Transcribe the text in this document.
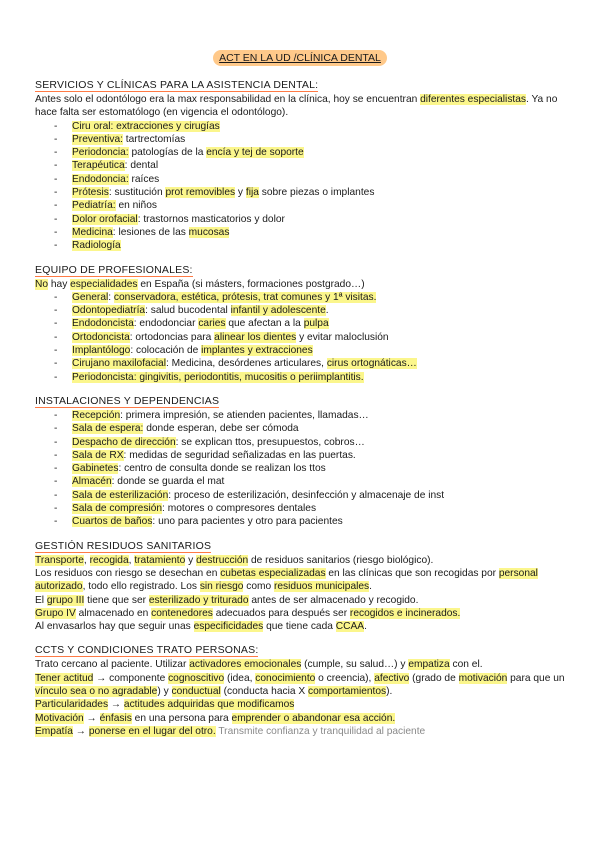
ACT EN LA UD /CLÍNICA DENTAL
SERVICIOS Y CLÍNICAS PARA LA ASISTENCIA DENTAL:

Antes solo el odontólogo era la max responsabilidad en la clínica, hoy se encuentran diferentes especialistas. Ya no hace falta ser estomatólogo (en vigencia el odontólogo).

- Ciru oral: extracciones y cirugías
- Preventiva: tartrectomías
- Periodoncia: patologías de la encía y tej de soporte
- Terapéutica: dental
- Endodoncia: raíces
- Prótesis: sustitución prot removibles y fija sobre piezas o implantes
- Pediatría: en niños
- Dolor orofacial: trastornos masticatorios y dolor
- Medicina: lesiones de las mucosas
- Radiología
EQUIPO DE PROFESIONALES:

No hay especialidades en España (si másters, formaciones postgrado…)

- General: conservadora, estética, prótesis, trat comunes y 1ª visitas.
- Odontopediatría: salud bucodental infantil y adolescente.
- Endodoncista: endodonciar caries que afectan a la pulpa
- Ortodoncista: ortodoncias para alinear los dientes y evitar maloclusión
- Implantólogo: colocación de implantes y extracciones
- Cirujano maxilofacial: Medicina, desórdenes articulares, cirus ortognáticas…
- Periodoncista: gingivitis, periodontitis, mucositis o periimplantitis.
INSTALACIONES Y DEPENDENCIAS
- Recepción: primera impresión, se atienden pacientes, llamadas…
- Sala de espera: donde esperan, debe ser cómoda
- Despacho de dirección: se explican ttos, presupuestos, cobros…
- Sala de RX: medidas de seguridad señalizadas en las puertas.
- Gabinetes: centro de consulta donde se realizan los ttos
- Almacén: donde se guarda el mat
- Sala de esterilización: proceso de esterilización, desinfección y almacenaje de inst
- Sala de compresión: motores o compresores dentales
- Cuartos de baños: uno para pacientes y otro para pacientes
GESTIÓN RESIDUOS SANITARIOS

Transporte, recogida, tratamiento y destrucción de residuos sanitarios (riesgo biológico).

Los residuos con riesgo se desechan en cubetas especializadas en las clínicas que son recogidas por personal autorizado, todo ello registrado. Los sin riesgo como residuos municipales.

El grupo III tiene que ser esterilizado y triturado antes de ser almacenado y recogido.

Grupo IV almacenado en contenedores adecuados para después ser recogidos e incinerados.

Al envasarlos hay que seguir unas especificidades que tiene cada CCAA.

CCTS Y CONDICIONES TRATO PERSONAS:

Trato cercano al paciente. Utilizar activadores emocionales (cumple, su salud…) y empatiza con el.

Tener actitud → componente cognoscitivo (idea, conocimiento o creencia), afectivo (grado de motivación para que un vínculo sea o no agradable) y conductual (conducta hacia X comportamientos).

Particularidades → actitudes adquiridas que modificamos

Motivación → énfasis en una persona para emprender o abandonar esa acción.

Empatía → ponerse en el lugar del otro. Transmite confianza y tranquilidad al paciente
